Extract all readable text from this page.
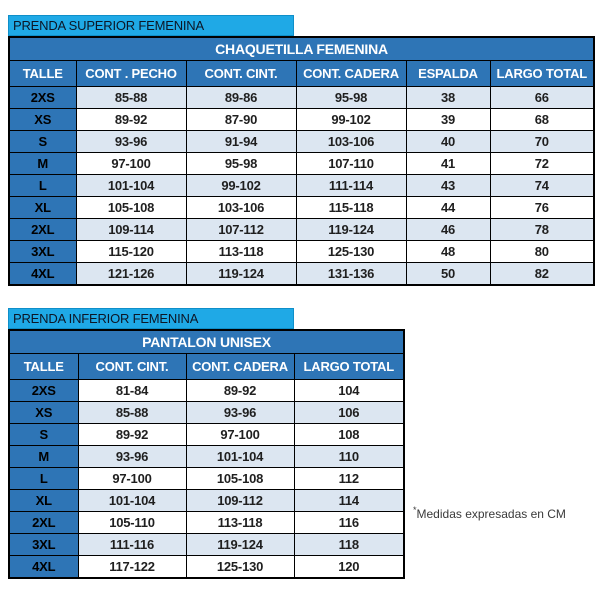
PRENDA SUPERIOR FEMENINA
CHAQUETILLA FEMENINA					
TALLE	CONT . PECHO	CONT. CINT.	CONT. CADERA	ESPALDA	LARGO TOTAL
2XS	85-88	89-86	95-98	38	66
XS	89-92	87-90	99-102	39	68
S	93-96	91-94	103-106	40	70
M	97-100	95-98	107-110	41	72
L	101-104	99-102	111-114	43	74
XL	105-108	103-106	115-118	44	76
2XL	109-114	107-112	119-124	46	78
3XL	115-120	113-118	125-130	48	80
4XL	121-126	119-124	131-136	50	82
PRENDA INFERIOR FEMENINA
PANTALON UNISEX			
TALLE	CONT. CINT.	CONT. CADERA	LARGO TOTAL
2XS	81-84	89-92	104
XS	85-88	93-96	106
S	89-92	97-100	108
M	93-96	101-104	110
L	97-100	105-108	112
XL	101-104	109-112	114
2XL	105-110	113-118	116
3XL	111-116	119-124	118
4XL	117-122	125-130	120
*Medidas expresadas en CM
